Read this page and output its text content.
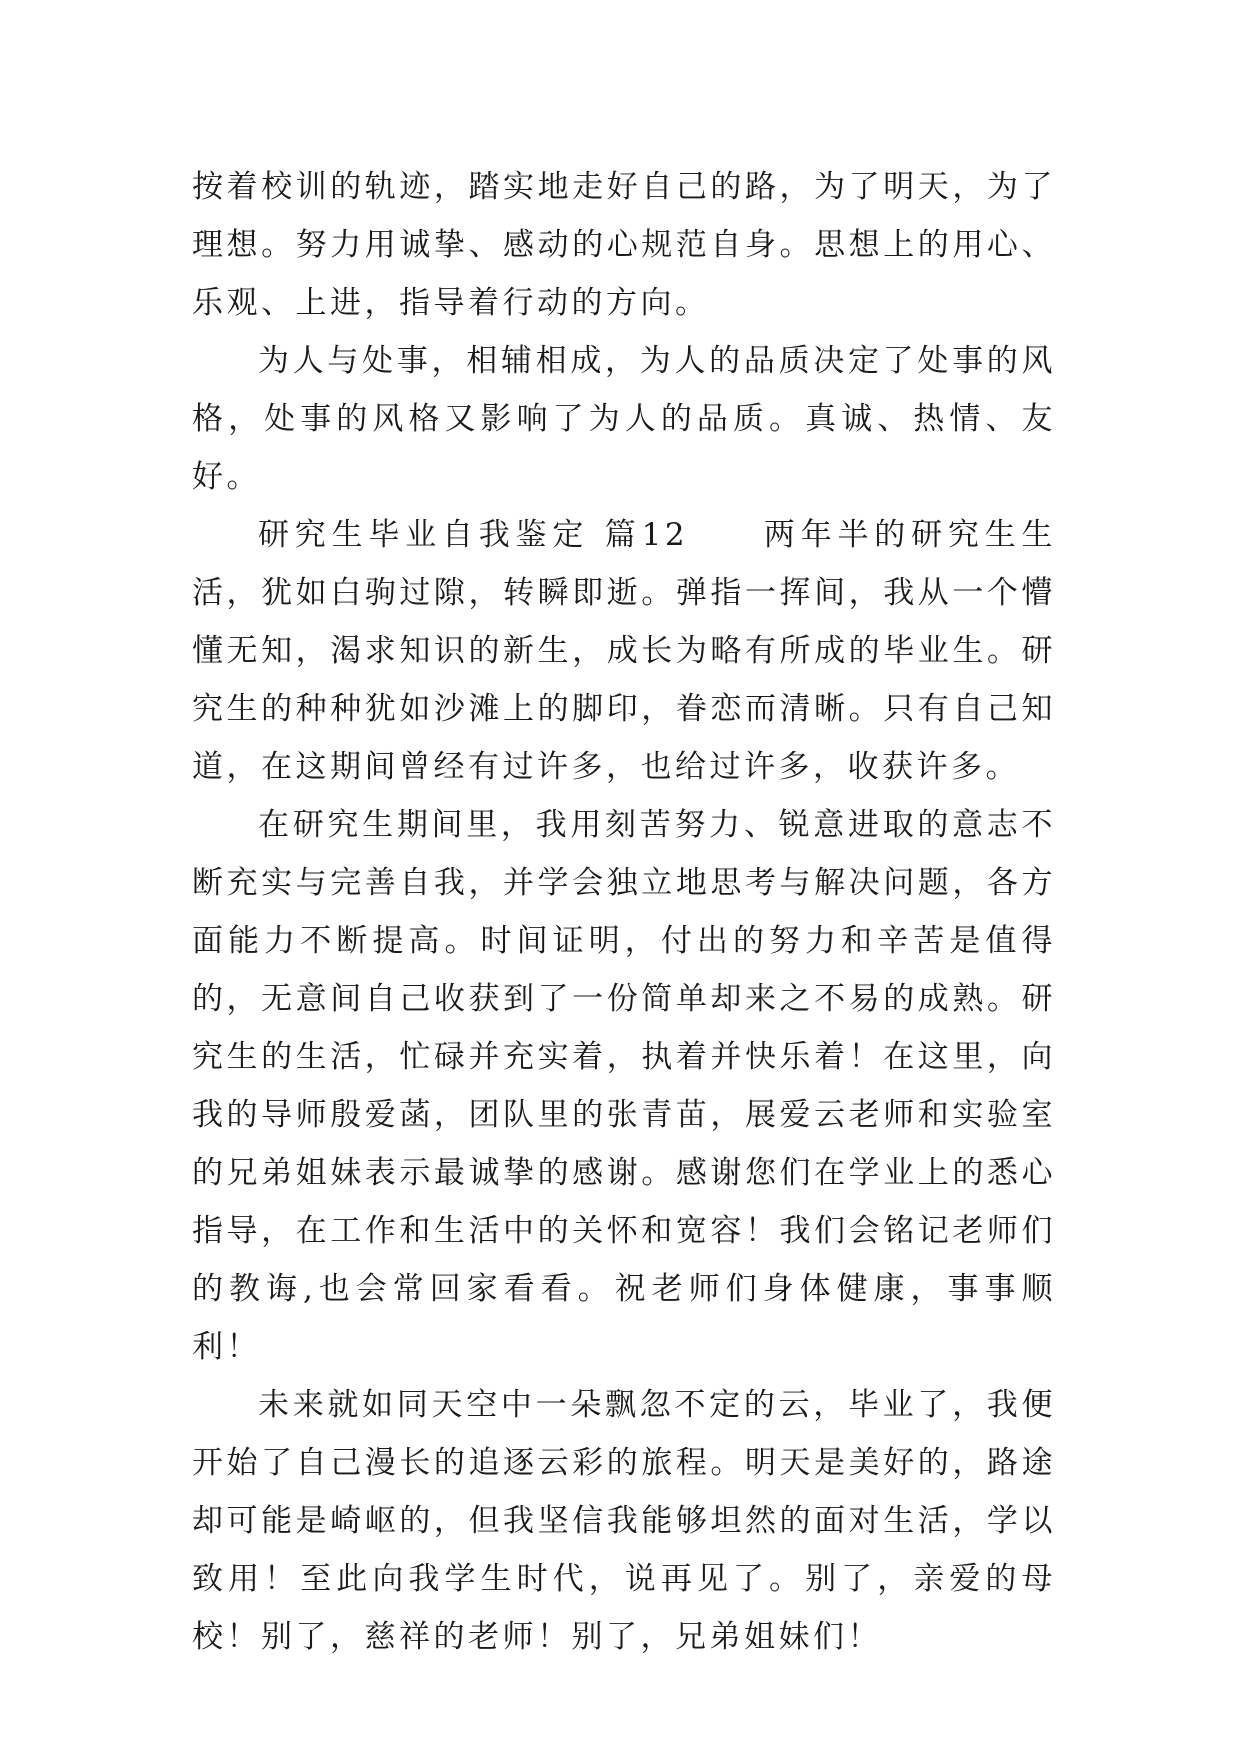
按着校训的轨迹，踏实地走好自己的路，为了明天，为了理想。努力用诚挚、感动的心规范自身。思想上的用心、乐观、上进，指导着行动的方向。

为人与处事，相辅相成，为人的品质决定了处事的风格，处事的风格又影响了为人的品质。真诚、热情、友好。

研究生毕业自我鉴定 篇12　　两年半的研究生生活，犹如白驹过隙，转瞬即逝。弹指一挥间，我从一个懵懂无知，渴求知识的新生，成长为略有所成的毕业生。研究生的种种犹如沙滩上的脚印，眷恋而清晰。只有自己知道，在这期间曾经有过许多，也给过许多，收获许多。

在研究生期间里，我用刻苦努力、锐意进取的意志不断充实与完善自我，并学会独立地思考与解决问题，各方面能力不断提高。时间证明，付出的努力和辛苦是值得的，无意间自己收获到了一份简单却来之不易的成熟。研究生的生活，忙碌并充实着，执着并快乐着！在这里，向我的导师殷爱菡，团队里的张青苗，展爱云老师和实验室的兄弟姐妹表示最诚挚的感谢。感谢您们在学业上的悉心指导，在工作和生活中的关怀和宽容！我们会铭记老师们的教诲,也会常回家看看。祝老师们身体健康，事事顺利！

未来就如同天空中一朵飘忽不定的云，毕业了，我便开始了自己漫长的追逐云彩的旅程。明天是美好的，路途却可能是崎岖的，但我坚信我能够坦然的面对生活，学以致用！至此向我学生时代，说再见了。别了，亲爱的母校！别了，慈祥的老师！别了，兄弟姐妹们！
